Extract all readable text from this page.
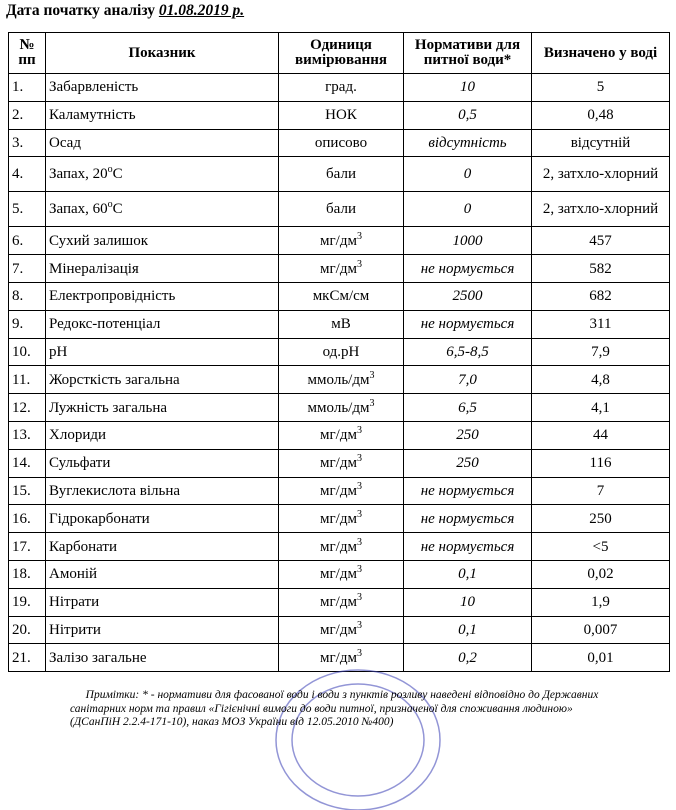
Дата початку аналізу 01.08.2019 р.
№ пп	Показник	Одиниця вимірювання	Нормативи для питної води*	Визначено у воді
1.	Забарвленість	град.	10	5
2.	Каламутність	НОК	0,5	0,48
3.	Осад	описово	відсутність	відсутній
4.	Запах, $20^оС$	бали	0	2, затхло-хлорний
5.	Запах, $60^оС$	бали	0	2, затхло-хлорний
6.	Сухий залишок	$мг/дм^3$	1000	457
7.	Мінералізація	$мг/дм^3$	не нормується	582
8.	Електропровідність	мкСм/см	2500	682
9.	Редокс-потенціал	мВ	не нормується	311
10.	pH	од.pH	6,5-8,5	7,9
11.	Жорсткість загальна	ммоль/$дм^3$	7,0	4,8
12.	Лужність загальна	ммоль/$дм^3$	6,5	4,1
13.	Хлориди	$мг/дм^3$	250	44
14.	Сульфати	$мг/дм^3$	250	116
15.	Вуглекислота вільна	$мг/дм^3$	не нормується	7
16.	Гідрокарбонати	$мг/дм^3$	не нормується	250
17.	Карбонати	$мг/дм^3$	не нормується	<5
18.	Амоній	$мг/дм^3$	0,1	0,02
19.	Нітрати	$мг/дм^3$	10	1,9
20.	Нітрити	$мг/дм^3$	0,1	0,007
21.	Залізо загальне	$мг/дм^3$	0,2	0,01
Примітки: * - нормативи для фасованої води і води з пунктів розливу наведені відповідно до Державних
санітарних норм та правил «Гігієнічні вимоги до води питної, призначеної для споживання людиною»
(ДСанПіН 2.2.4-171-10), наказ МОЗ України від 12.05.2010 №400)
